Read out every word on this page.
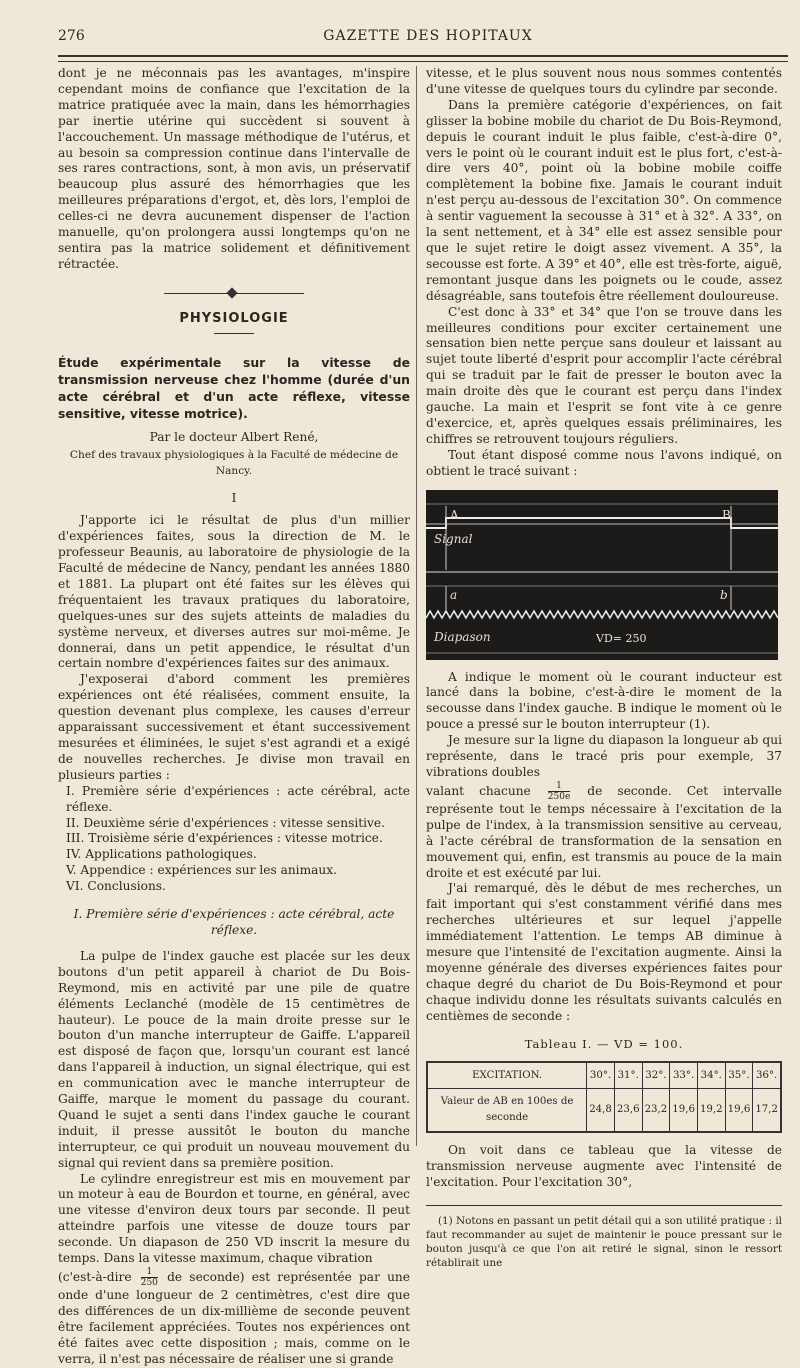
276	GAZETTE DES HOPITAUX

dont je ne méconnais pas les avantages, m'inspire cependant moins de confiance que l'excitation de la matrice pratiquée avec la main, dans les hémorrhagies par inertie utérine qui succèdent si souvent à l'accouchement. Un massage méthodique de l'utérus, et au besoin sa compression continue dans l'intervalle de ses rares contractions, sont, à mon avis, un préservatif beaucoup plus assuré des hémorrhagies que les meilleures préparations d'ergot, et, dès lors, l'emploi de celles-ci ne devra aucunement dispenser de l'action manuelle, qu'on prolongera aussi longtemps qu'on ne sentira pas la matrice solidement et définitivement rétractée.

PHYSIOLOGIE

Étude expérimentale sur la vitesse de transmission nerveuse chez l'homme (durée d'un acte cérébral et d'un acte réflexe, vitesse sensitive, vitesse motrice).

Par le docteur Albert René,

Chef des travaux physiologiques à la Faculté de médecine de Nancy.

I

J'apporte ici le résultat de plus d'un millier d'expériences faites, sous la direction de M. le professeur Beaunis, au laboratoire de physiologie de la Faculté de médecine de Nancy, pendant les années 1880 et 1881. La plupart ont été faites sur les élèves qui fréquentaient les travaux pratiques du laboratoire, quelques-unes sur des sujets atteints de maladies du système nerveux, et diverses autres sur moi-même. Je donnerai, dans un petit appendice, le résultat d'un certain nombre d'expériences faites sur des animaux.

J'exposerai d'abord comment les premières expériences ont été réalisées, comment ensuite, la question devenant plus complexe, les causes d'erreur apparaissant successivement et étant successivement mesurées et éliminées, le sujet s'est agrandi et a exigé de nouvelles recherches. Je divise mon travail en plusieurs parties :

I. Première série d'expériences : acte cérébral, acte réflexe.

II. Deuxième série d'expériences : vitesse sensitive.

III. Troisième série d'expériences : vitesse motrice.

IV. Applications pathologiques.

V. Appendice : expériences sur les animaux.

VI. Conclusions.

I. Première série d'expériences : acte cérébral, acte réflexe.

La pulpe de l'index gauche est placée sur les deux boutons d'un petit appareil à chariot de Du Bois-Reymond, mis en activité par une pile de quatre éléments Leclanché (modèle de 15 centimètres de hauteur). Le pouce de la main droite presse sur le bouton d'un manche interrupteur de Gaiffe. L'appareil est disposé de façon que, lorsqu'un courant est lancé dans l'appareil à induction, un signal électrique, qui est en communication avec le manche interrupteur de Gaiffe, marque le moment du passage du courant. Quand le sujet a senti dans l'index gauche le courant induit, il presse aussitôt le bouton du manche interrupteur, ce qui produit un nouveau mouvement du signal qui revient dans sa première position.

Le cylindre enregistreur est mis en mouvement par un moteur à eau de Bourdon et tourne, en général, avec une vitesse d'environ deux tours par seconde. Il peut atteindre parfois une vitesse de douze tours par seconde. Un diapason de 250 VD inscrit la mesure du temps. Dans la vitesse maximum, chaque vibration

(c'est-à-dire $\frac{1}{250}$ de seconde) est représentée par une onde d'une longueur de 2 centimètres, c'est dire que des différences de un dix-millième de seconde peuvent être facilement appréciées. Toutes nos expériences ont été faites avec cette disposition ; mais, comme on le verra, il n'est pas nécessaire de réaliser une si grande

vitesse, et le plus souvent nous nous sommes contentés d'une vitesse de quelques tours du cylindre par seconde.

Dans la première catégorie d'expériences, on fait glisser la bobine mobile du chariot de Du Bois-Reymond, depuis le courant induit le plus faible, c'est-à-dire 0°, vers le point où le courant induit est le plus fort, c'est-à-dire vers 40°, point où la bobine mobile coiffe complètement la bobine fixe. Jamais le courant induit n'est perçu au-dessous de l'excitation 30°. On commence à sentir vaguement la secousse à 31° et à 32°. A 33°, on la sent nettement, et à 34° elle est assez sensible pour que le sujet retire le doigt assez vivement. A 35°, la secousse est forte. A 39° et 40°, elle est très-forte, aiguë, remontant jusque dans les poignets ou le coude, assez désagréable, sans toutefois être réellement douloureuse.

C'est donc à 33° et 34° que l'on se trouve dans les meilleures conditions pour exciter certainement une sensation bien nette perçue sans douleur et laissant au sujet toute liberté d'esprit pour accomplir l'acte cérébral qui se traduit par le fait de presser le bouton avec la main droite dès que le courant est perçu dans l'index gauche. La main et l'esprit se font vite à ce genre d'exercice, et, après quelques essais préliminaires, les chiffres se retrouvent toujours réguliers.

Tout étant disposé comme nous l'avons indiqué, on obtient le tracé suivant :

A	B
Signal
a	b
Diapason	VD= 250

A indique le moment où le courant inducteur est lancé dans la bobine, c'est-à-dire le moment de la secousse dans l'index gauche. B indique le moment où le pouce a pressé sur le bouton interrupteur (1).

Je mesure sur la ligne du diapason la longueur ab qui représente, dans le tracé pris pour exemple, 37 vibrations doubles

valant chacune $\frac{1}{250e}$ de seconde. Cet intervalle représente tout le temps nécessaire à l'excitation de la pulpe de l'index, à la transmission sensitive au cerveau, à l'acte cérébral de transformation de la sensation en mouvement qui, enfin, est transmis au pouce de la main droite et est exécuté par lui.

J'ai remarqué, dès le début de mes recherches, un fait important qui s'est constamment vérifié dans mes recherches ultérieures et sur lequel j'appelle immédiatement l'attention. Le temps AB diminue à mesure que l'intensité de l'excitation augmente. Ainsi la moyenne générale des diverses expériences faites pour chaque degré du chariot de Du Bois-Reymond et pour chaque individu donne les résultats suivants calculés en centièmes de seconde :

Tableau I. — VD = 100.

EXCITATION.	30°.	31°.	32°.	33°.	34°.	35°.	36°.
Valeur de AB en 100es de seconde	24,8	23,6	23,2	19,6	19,2	19,6	17,2

On voit dans ce tableau que la vitesse de transmission nerveuse augmente avec l'intensité de l'excitation. Pour l'excitation 30°,

(1) Notons en passant un petit détail qui a son utilité pratique : il faut recommander au sujet de maintenir le pouce pressant sur le bouton jusqu'à ce que l'on ait retiré le signal, sinon le ressort rétablirait une
